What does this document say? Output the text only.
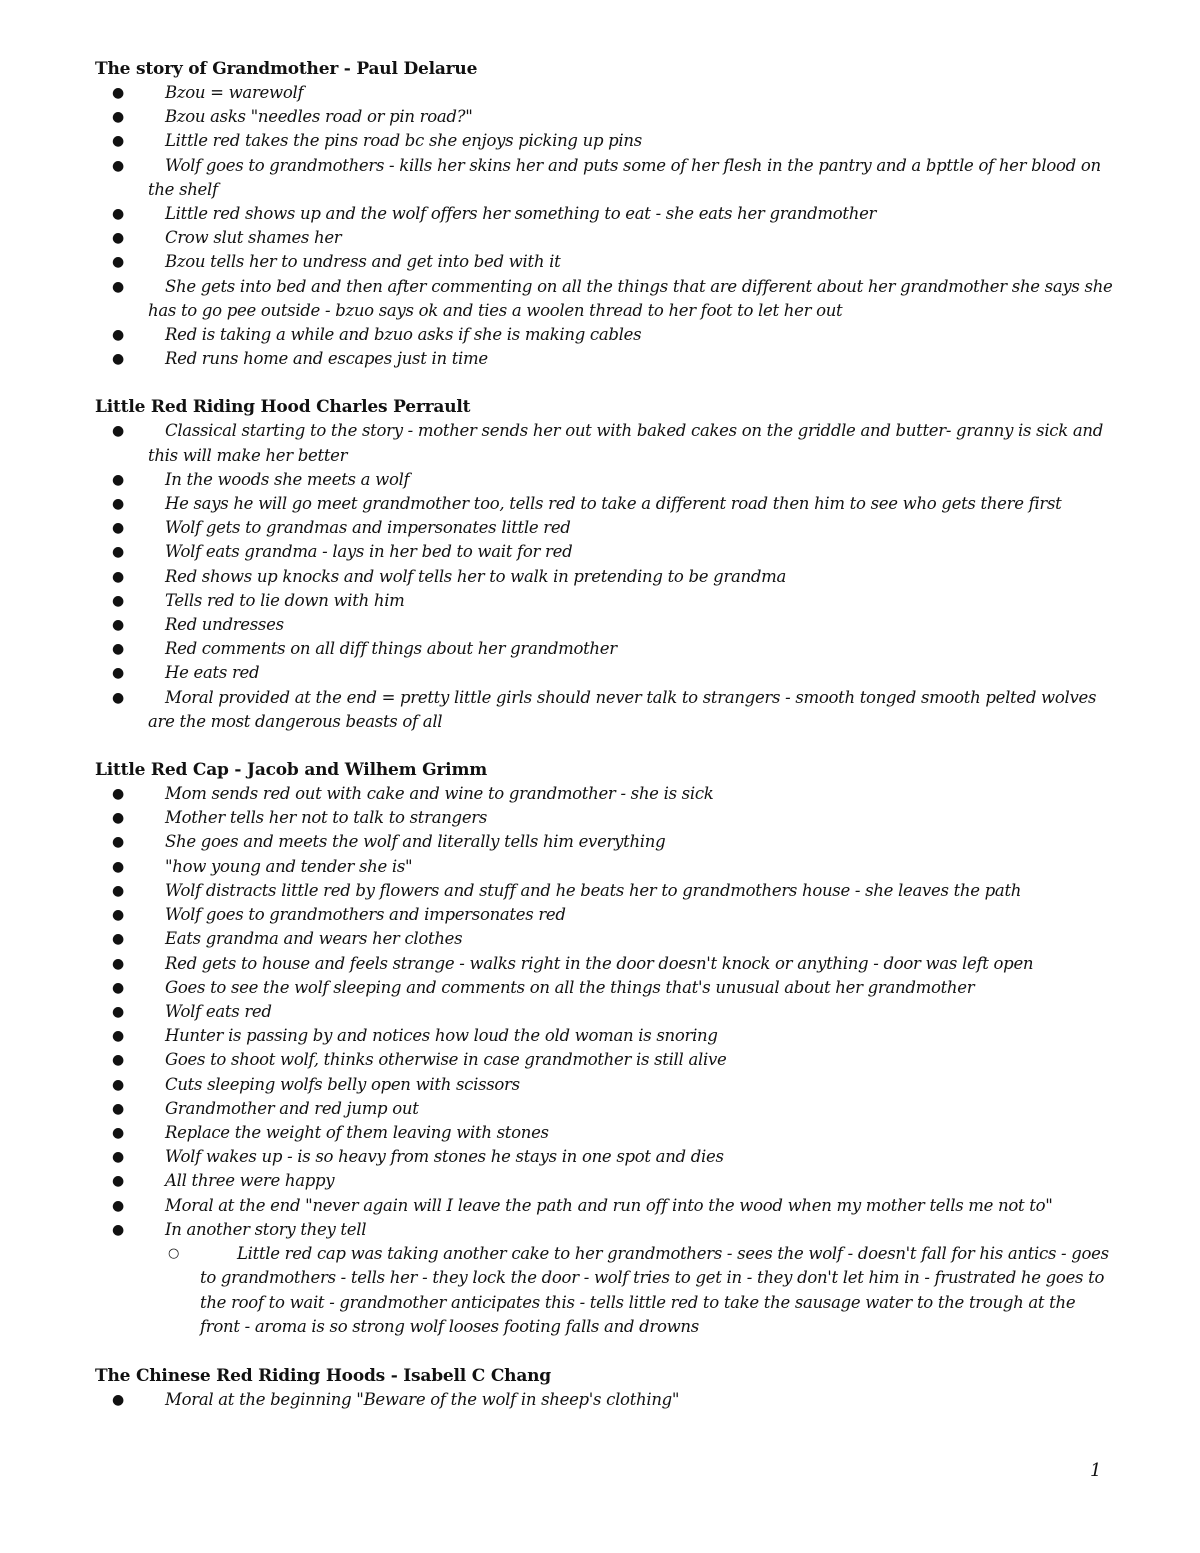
The story of Grandmother - Paul Delarue
● Bzou = warewolf
● Bzou asks "needles road or pin road?"
● Little red takes the pins road bc she enjoys picking up pins
● Wolf goes to grandmothers - kills her skins her and puts some of her flesh in the pantry and a bpttle of her blood on the shelf
● Little red shows up and the wolf offers her something to eat - she eats her grandmother
● Crow slut shames her
● Bzou tells her to undress and get into bed with it
● She gets into bed and then after commenting on all the things that are different about her grandmother she says she has to go pee outside - bzuo says ok and ties a woolen thread to her foot to let her out
● Red is taking a while and bzuo asks if she is making cables
● Red runs home and escapes just in time
Little Red Riding Hood Charles Perrault
● Classical starting to the story - mother sends her out with baked cakes on the griddle and butter- granny is sick and this will make her better
● In the woods she meets a wolf
● He says he will go meet grandmother too, tells red to take a different road then him to see who gets there first
● Wolf gets to grandmas and impersonates little red
● Wolf eats grandma - lays in her bed to wait for red
● Red shows up knocks and wolf tells her to walk in pretending to be grandma
● Tells red to lie down with him
● Red undresses
● Red comments on all diff things about her grandmother
● He eats red
● Moral provided at the end = pretty little girls should never talk to strangers - smooth tonged smooth pelted wolves are the most dangerous beasts of all
Little Red Cap - Jacob and Wilhem Grimm
● Mom sends red out with cake and wine to grandmother - she is sick
● Mother tells her not to talk to strangers
● She goes and meets the wolf and literally tells him everything
● "how young and tender she is"
● Wolf distracts little red by flowers and stuff and he beats her to grandmothers house - she leaves the path
● Wolf goes to grandmothers and impersonates red
● Eats grandma and wears her clothes
● Red gets to house and feels strange - walks right in the door doesn't knock or anything - door was left open
● Goes to see the wolf sleeping and comments on all the things that's unusual about her grandmother
● Wolf eats red
● Hunter is passing by and notices how loud the old woman is snoring
● Goes to shoot wolf, thinks otherwise in case grandmother is still alive
● Cuts sleeping wolfs belly open with scissors
● Grandmother and red jump out
● Replace the weight of them leaving with stones
● Wolf wakes up - is so heavy from stones he stays in one spot and dies
● All three were happy
● Moral at the end "never again will I leave the path and run off into the wood when my mother tells me not to"
● In another story they tell
○	Little red cap was taking another cake to her grandmothers - sees the wolf - doesn't fall for his antics - goes to grandmothers - tells her - they lock the door - wolf tries to get in - they don't let him in - frustrated he goes to the roof to wait - grandmother anticipates this - tells little red to take the sausage water to the trough at the front - aroma is so strong wolf looses footing falls and drowns
The Chinese Red Riding Hoods - Isabell C Chang
● Moral at the beginning "Beware of the wolf in sheep's clothing"
1
